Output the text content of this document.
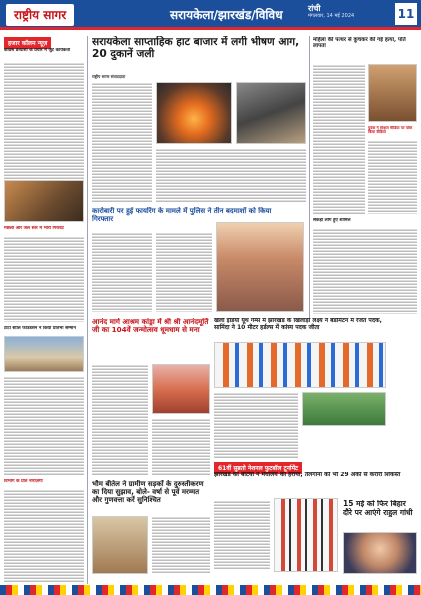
राष्ट्रीय सागर	सरायकेला/झारखंड/विविध	रांची
मंगलवार, 14 मई 2024	11
हजार कॉलम न्यूज़
कांग्रेस प्रत्याशी के प्रचार में जुटे कार्यकर्ता
मछली और जल स्तर में भारी गिरावट
टाटा स्टील फाउंडेशन ने किया प्रतिभा सम्मान
विभाग के प्रति नाराज़गी
सरायकेला साप्ताहिक हाट बाजार में लगी भीषण आग, 20 दुकानें जली
राष्ट्रीय सागर संवाददाता
कारोबारी पर हुई फायरिंग के मामले में पुलिस ने तीन बदमाशों को किया गिरफ्तार
आनंद मार्ग आश्रम कांड्रा में श्री श्री आनंदमूर्ति जी का 104वें जन्मोत्सव धूमधाम से मना
खेलो इंडिया यूथ गेम्स में झारखंड के खिलाड़ी लक्ष्य ने बेडमिंटन में रजत पदक, सामिंदा ने 10 मीटर हर्डल्स में कांस्य पदक जीता
61वीं सुब्रतो नेशनल फुटबॉल टूर्नामेंट
झारखंड की बेटियों ने मेघालय को हराया, तेलंगाना को भी 29 अंकों से करारी शिकस्त
भौम बीतेल ने ग्रामीण सड़कों के दुरुस्तीकरण का दिया सुझाव, बोले- वर्षा से पूर्व मरम्मत और गुणवत्ता करें सुनिश्चित
महिला की पत्थर से कुचकर की गई हत्या, पति लापता
युवक ने सोशल मीडिया पर पोस्ट किया वीडियो
सैंकड़ों लोग हुए शामिल
15 मई को फिर बिहार दौरे पर आएंगे राहुल गांधी
